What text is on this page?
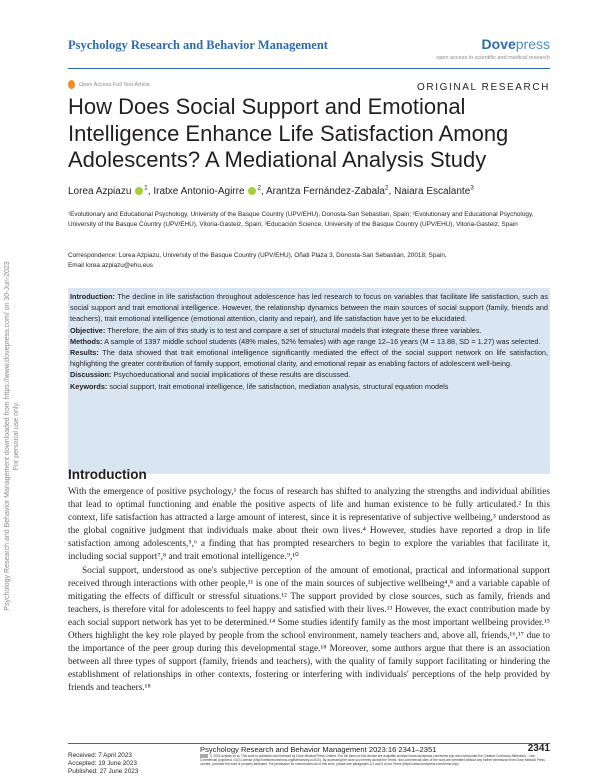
Psychology Research and Behavior Management	Dovepress
open access to scientific and medical research
Open Access Full Text Article	ORIGINAL RESEARCH
How Does Social Support and Emotional Intelligence Enhance Life Satisfaction Among Adolescents? A Mediational Analysis Study
Lorea Azpiazu $^1$, Iratxe Antonio-Agirre $^2$, Arantza Fernández-Zabala$^2$, Naiara Escalante$^3$
¹Evolutionary and Educational Psychology, University of the Basque Country (UPV/EHU), Donosta-San Sebastian, Spain; ²Evolutionary and Educational Psychology, University of the Basque Country (UPV/EHU), Vitoria-Gasteiz, Spain; ³Educación Science, University of the Basque Country (UPV/EHU), Vitoria-Gasteiz, Spain
Correspondence: Lorea Azpiazu, University of the Basque Country (UPV/EHU), Oñati Plaza 3, Donosta-San Sebastián, 20018, Spain,
Email lorea.azpiazu@ehu.eus

Introduction: The decline in life satisfaction throughout adolescence has led research to focus on variables that facilitate life satisfaction, such as social support and trait emotional intelligence. However, the relationship dynamics between the main sources of social support (family, friends and teachers), trait emotional intelligence (emotional attention, clarity and repair), and life satisfaction have yet to be elucidated.

Objective: Therefore, the aim of this study is to test and compare a set of structural models that integrate these three variables.

Methods: A sample of 1397 middle school students (48% males, 52% females) with age range 12–16 years (M = 13.88, SD = 1.27) was selected.

Results: The data showed that trait emotional intelligence significantly mediated the effect of the social support network on life satisfaction, highlighting the greater contribution of family support, emotional clarity, and emotional repair as enabling factors of adolescent well-being.

Discussion: Psychoeducational and social implications of these results are discussed.

Keywords: social support, trait emotional intelligence, life satisfaction, mediation analysis, structural equation models

Introduction

With the emergence of positive psychology,¹ the focus of research has shifted to analyzing the strengths and individual abilities that lead to optimal functioning and enable the positive aspects of life and human existence to be fully articulated.² In this context, life satisfaction has attracted a large amount of interest, since it is representative of subjective wellbeing,³ understood as the global cognitive judgment that individuals make about their own lives.⁴ However, studies have reported a drop in life satisfaction among adolescents,⁵,⁶ a finding that has prompted researchers to begin to explore the variables that facilitate it, including social support⁷,⁸ and trait emotional intelligence.⁹,¹⁰

Social support, understood as one's subjective perception of the amount of emotional, practical and informational support received through interactions with other people,¹¹ is one of the main sources of subjective wellbeing⁴,⁸ and a variable capable of mitigating the effects of difficult or stressful situations.¹² The support provided by close sources, such as family, friends and teachers, is therefore vital for adolescents to feel happy and satisfied with their lives.¹³ However, the exact contribution made by each social support network has yet to be determined.¹⁴ Some studies identify family as the most important wellbeing provider.¹⁵ Others highlight the key role played by people from the school environment, namely teachers and, above all, friends,¹⁶,¹⁷ due to the importance of the peer group during this developmental stage.¹⁸ Moreover, some authors argue that there is an association between all three types of support (family, friends and teachers), with the quality of family support facilitating or hindering the establishment of relationships in other contexts, fostering or interfering with individuals' perceptions of the help provided by friends and teachers.¹⁸

Psychology Research and Behavior Management downloaded from https://www.dovepress.com/ on 30-Jun-2023 For personal use only.
Psychology Research and Behavior Management 2023:16 2341–2351	2341
Received: 7 April 2023
Accepted: 19 June 2023
Published: 27 June 2023
© 2023 Azpiazu et al. This work is published and licensed by Dove Medical Press Limited. The full terms of this license are available at https://www.dovepress.com/terms.php and incorporate the Creative Commons Attribution – Non Commercial (unported, v3.0) License (http://creativecommons.org/licenses/by-nc/3.0/). By accessing the work you hereby accept the Terms. Non-commercial uses of the work are permitted without any further permission from Dove Medical Press Limited, provided the work is properly attributed. For permission for commercial use of this work, please see paragraphs 4.2 and 5 of our Terms (https://www.dovepress.com/terms.php).
